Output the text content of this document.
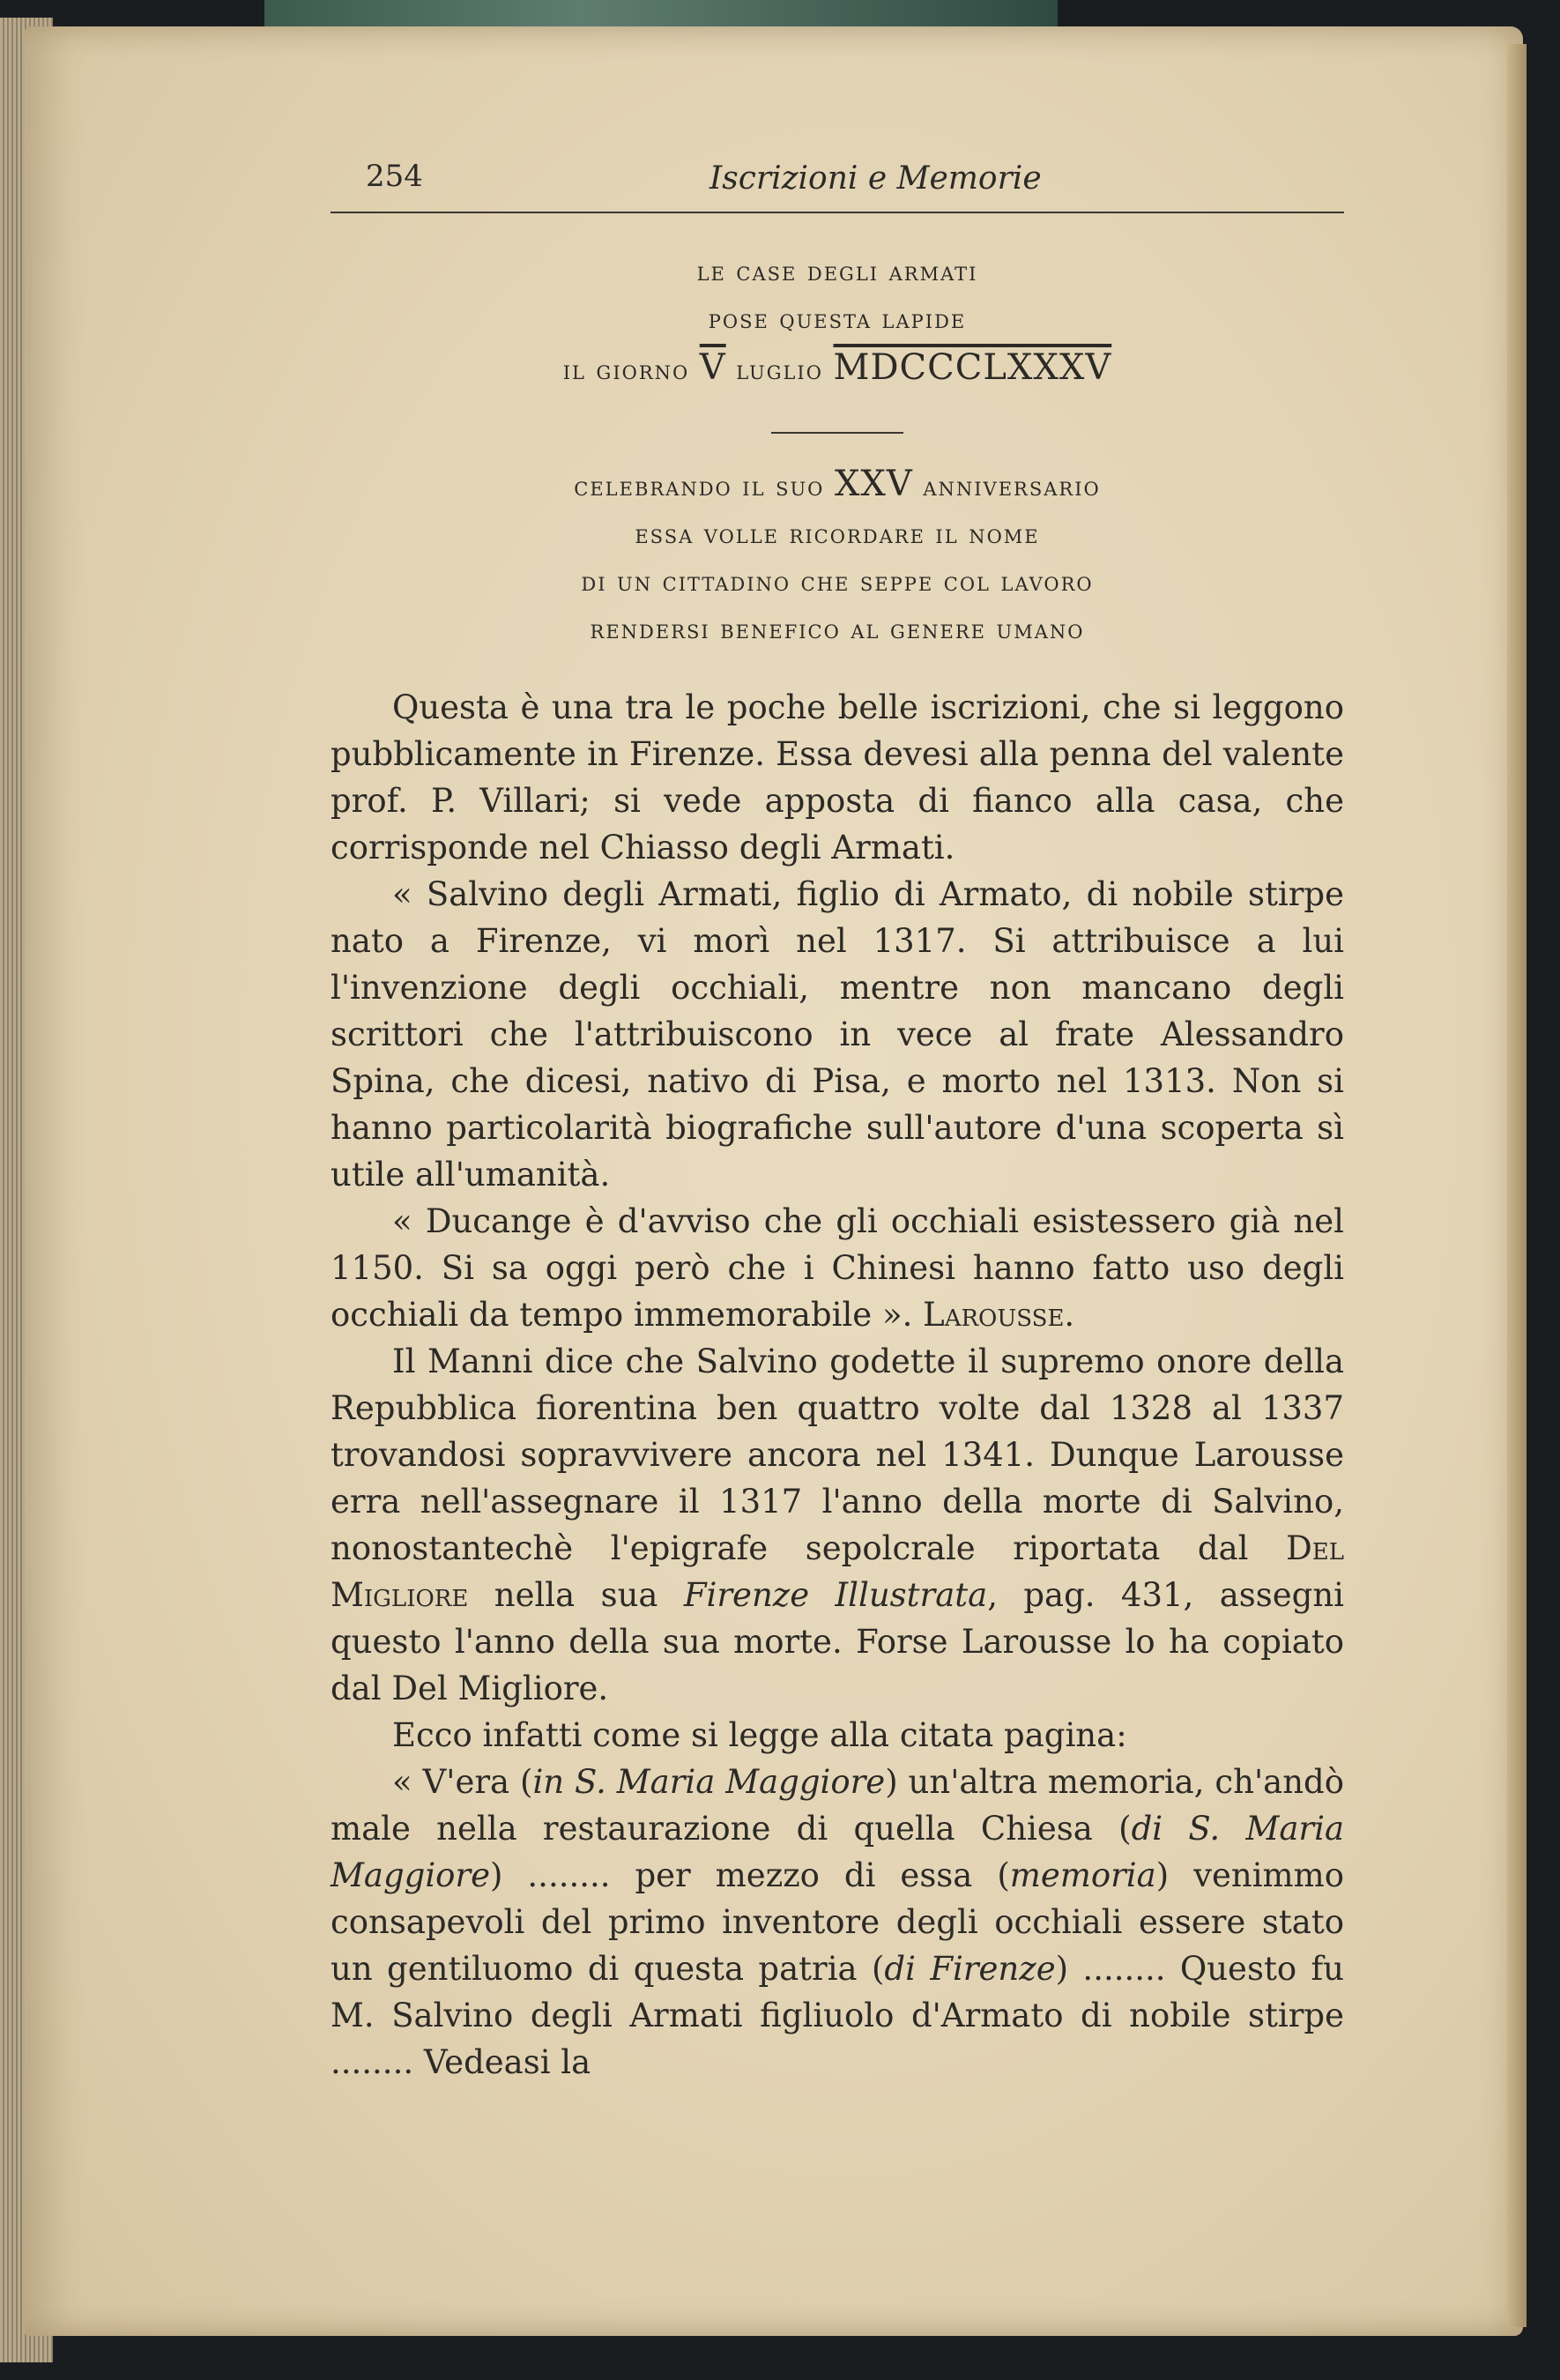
254	Iscrizioni e Memorie
le case degli armati
pose questa lapide
il giorno $\overline{V}$ luglio MDCCCLXXXV
celebrando il suo XXV anniversario
essa volle ricordare il nome
di un cittadino che seppe col lavoro
rendersi benefico al genere umano

Questa è una tra le poche belle iscrizioni, che si leggono pubblicamente in Firenze. Essa devesi alla penna del valente prof. P. Villari; si vede apposta di fianco alla casa, che corrisponde nel Chiasso degli Armati.

« Salvino degli Armati, figlio di Armato, di nobile stirpe nato a Firenze, vi morì nel 1317. Si attribuisce a lui l'invenzione degli occhiali, mentre non mancano degli scrittori che l'attribuiscono in vece al frate Alessandro Spina, che dicesi, nativo di Pisa, e morto nel 1313. Non si hanno particolarità biografiche sull'autore d'una scoperta sì utile all'umanità.

« Ducange è d'avviso che gli occhiali esistessero già nel 1150. Si sa oggi però che i Chinesi hanno fatto uso degli occhiali da tempo immemorabile ». Larousse.

Il Manni dice che Salvino godette il supremo onore della Repubblica fiorentina ben quattro volte dal 1328 al 1337 trovandosi sopravvivere ancora nel 1341. Dunque Larousse erra nell'assegnare il 1317 l'anno della morte di Salvino, nonostantechè l'epigrafe sepolcrale riportata dal Del Migliore nella sua Firenze Illustrata, pag. 431, assegni questo l'anno della sua morte. Forse Larousse lo ha copiato dal Del Migliore.

Ecco infatti come si legge alla citata pagina:

« V'era (in S. Maria Maggiore) un'altra memoria, ch'andò male nella restaurazione di quella Chiesa (di S. Maria Maggiore) ........ per mezzo di essa (memoria) venimmo consapevoli del primo inventore degli occhiali essere stato un gentiluomo di questa patria (di Firenze) ........ Questo fu M. Salvino degli Armati figliuolo d'Armato di nobile stirpe ........ Vedeasi la
